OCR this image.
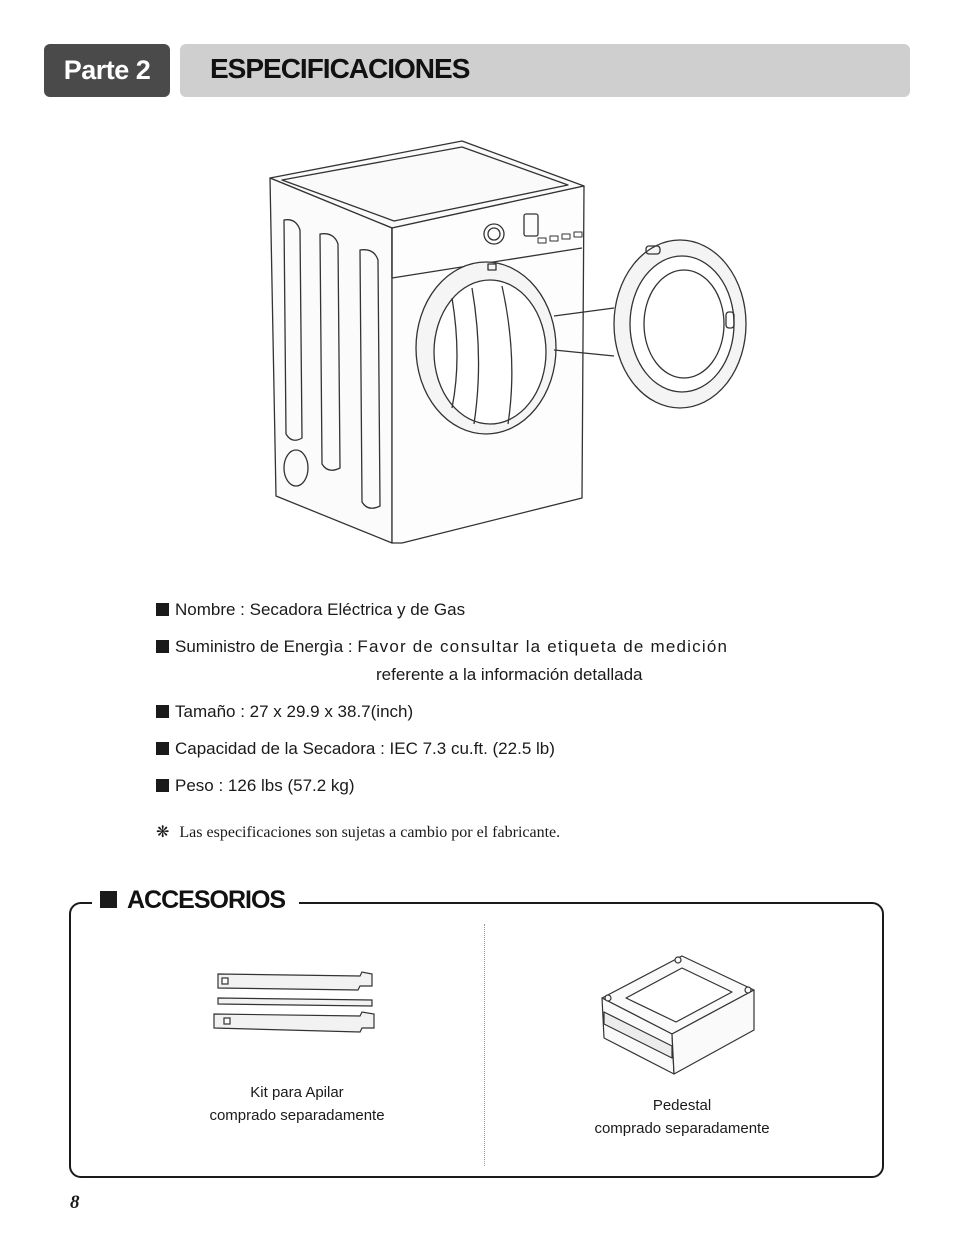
Parte 2	ESPECIFICACIONES
Nombre : Secadora Eléctrica y de Gas
Suministro de Energìa : Favor de consultar la etiqueta de medición
referente a la información detallada
Tamaño : 27 x 29.9 x 38.7(inch)
Capacidad de la Secadora : IEC 7.3 cu.ft. (22.5 lb)
Peso : 126 lbs (57.2 kg)
❋ Las especificaciones son sujetas a cambio por el fabricante.
ACCESORIOS
Kit para Apilar
comprado separadamente
Pedestal
comprado separadamente
8
